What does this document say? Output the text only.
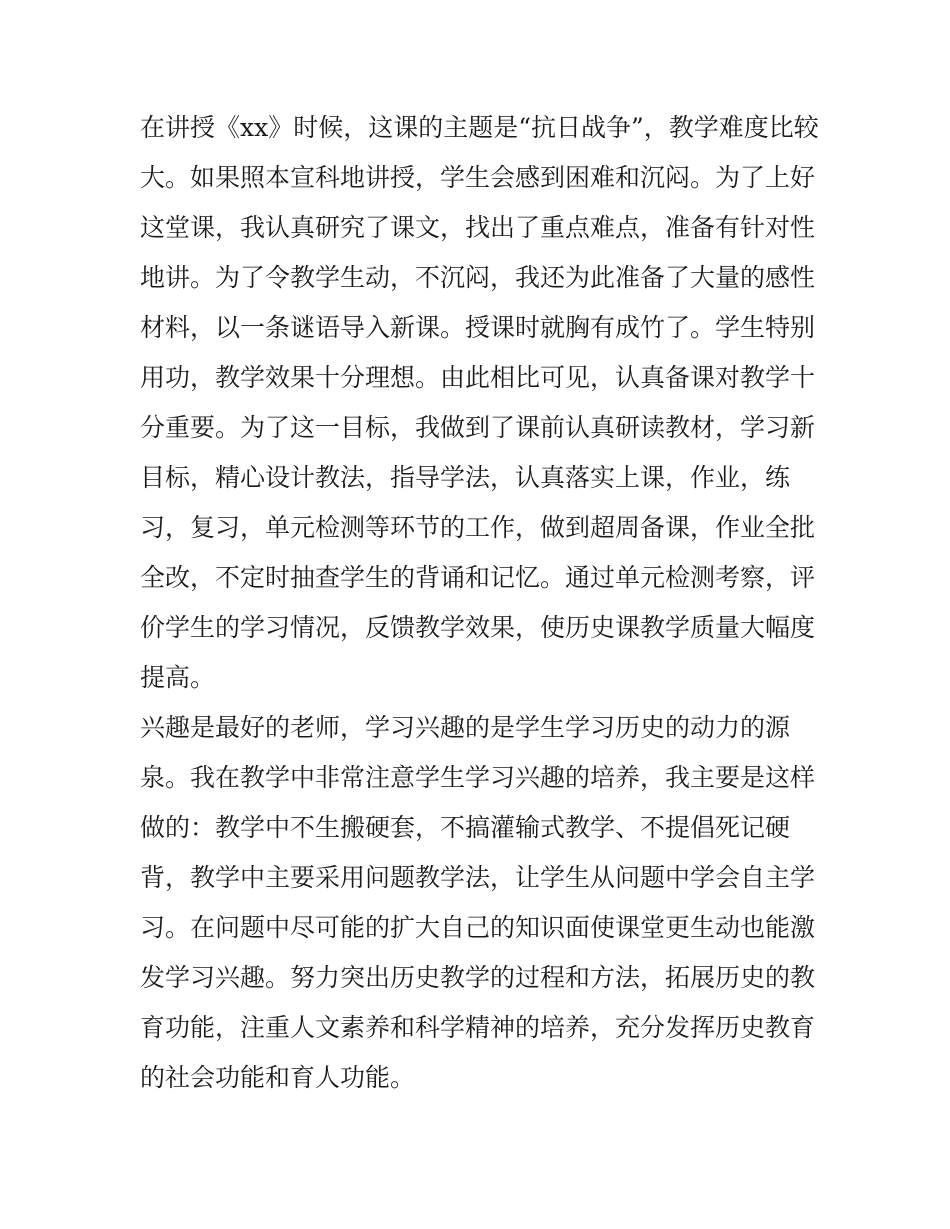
在讲授《xx》时候，这课的主题是“抗日战争”，教学难度比较
大。如果照本宣科地讲授，学生会感到困难和沉闷。为了上好
这堂课，我认真研究了课文，找出了重点难点，准备有针对性
地讲。为了令教学生动，不沉闷，我还为此准备了大量的感性
材料，以一条谜语导入新课。授课时就胸有成竹了。学生特别
用功，教学效果十分理想。由此相比可见，认真备课对教学十
分重要。为了这一目标，我做到了课前认真研读教材，学习新
目标，精心设计教法，指导学法，认真落实上课，作业，练
习，复习，单元检测等环节的工作，做到超周备课，作业全批
全改，不定时抽查学生的背诵和记忆。通过单元检测考察，评
价学生的学习情况，反馈教学效果，使历史课教学质量大幅度
提高。
兴趣是最好的老师，学习兴趣的是学生学习历史的动力的源
泉。我在教学中非常注意学生学习兴趣的培养，我主要是这样
做的：教学中不生搬硬套，不搞灌输式教学、不提倡死记硬
背，教学中主要采用问题教学法，让学生从问题中学会自主学
习。在问题中尽可能的扩大自己的知识面使课堂更生动也能激
发学习兴趣。努力突出历史教学的过程和方法，拓展历史的教
育功能，注重人文素养和科学精神的培养，充分发挥历史教育
的社会功能和育人功能。
